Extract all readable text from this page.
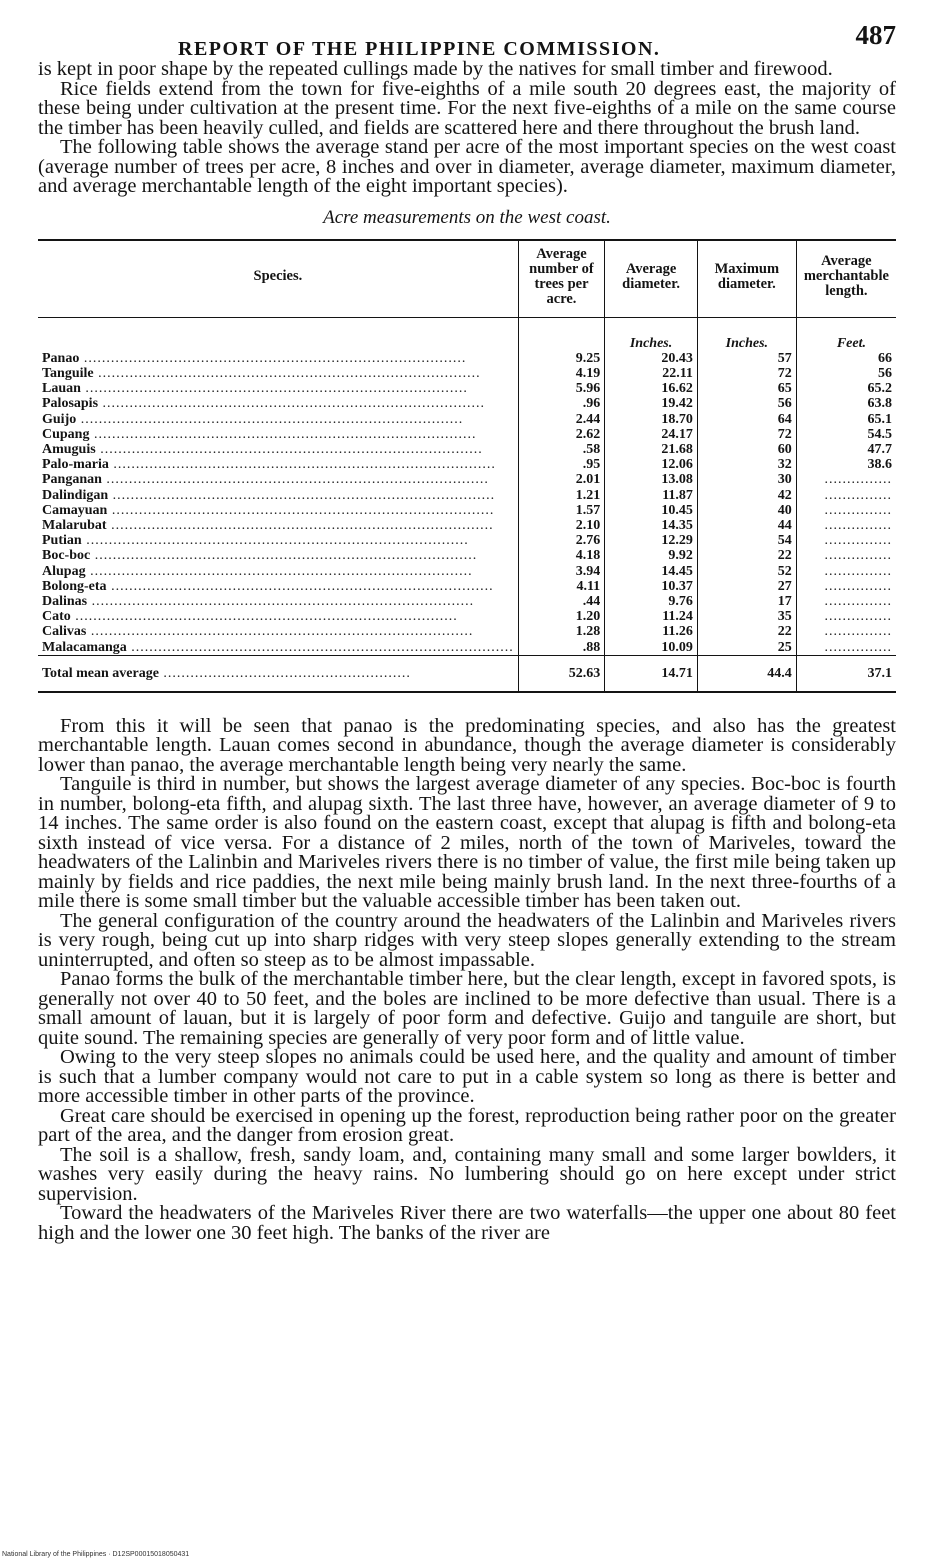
REPORT OF THE PHILIPPINE COMMISSION.	487

is kept in poor shape by the repeated cullings made by the natives for small timber and firewood.

Rice fields extend from the town for five-eighths of a mile south 20 degrees east, the majority of these being under cultivation at the present time. For the next five-eighths of a mile on the same course the timber has been heavily culled, and fields are scattered here and there throughout the brush land.

The following table shows the average stand per acre of the most important species on the west coast (average number of trees per acre, 8 inches and over in diameter, average diameter, maximum diameter, and average merchantable length of the eight important species).

Acre measurements on the west coast.
Species.	Average number of trees per acre.	Average diameter.	Maximum diameter.	Average merchantable length.
		Inches.	Inches.	Feet.
Panao .....	9.25	20.43	57	66
Tanguile .....	4.19	22.11	72	56
Lauan .....	5.96	16.62	65	65.2
Palosapis .....	.96	19.42	56	63.8
Guijo .....	2.44	18.70	64	65.1
Cupang .....	2.62	24.17	72	54.5
Amuguis .....	.58	21.68	60	47.7
Palo-maria .....	.95	12.06	32	38.6
Panganan .....	2.01	13.08	30	.....
Dalindigan .....	1.21	11.87	42	.....
Camayuan .....	1.57	10.45	40	.....
Malarubat .....	2.10	14.35	44	.....
Putian .....	2.76	12.29	54	.....
Boc-boc .....	4.18	9.92	22	.....
Alupag .....	3.94	14.45	52	.....
Bolong-eta .....	4.11	10.37	27	.....
Dalinas .....	.44	9.76	17	.....
Cato .....	1.20	11.24	35	.....
Calivas .....	1.28	11.26	22	.....
Malacamanga .....	.88	10.09	25	.....
Total mean average .....	52.63	14.71	44.4	37.1

From this it will be seen that panao is the predominating species, and also has the greatest merchantable length. Lauan comes second in abundance, though the average diameter is considerably lower than panao, the average merchantable length being very nearly the same.

Tanguile is third in number, but shows the largest average diameter of any species. Boc-boc is fourth in number, bolong-eta fifth, and alupag sixth. The last three have, however, an average diameter of 9 to 14 inches. The same order is also found on the eastern coast, except that alupag is fifth and bolong-eta sixth instead of vice versa. For a distance of 2 miles, north of the town of Mariveles, toward the headwaters of the Lalinbin and Mariveles rivers there is no timber of value, the first mile being taken up mainly by fields and rice paddies, the next mile being mainly brush land. In the next three-fourths of a mile there is some small timber but the valuable accessible timber has been taken out.

The general configuration of the country around the headwaters of the Lalinbin and Mariveles rivers is very rough, being cut up into sharp ridges with very steep slopes generally extending to the stream uninterrupted, and often so steep as to be almost impassable.

Panao forms the bulk of the merchantable timber here, but the clear length, except in favored spots, is generally not over 40 to 50 feet, and the boles are inclined to be more defective than usual. There is a small amount of lauan, but it is largely of poor form and defective. Guijo and tanguile are short, but quite sound. The remaining species are generally of very poor form and of little value.

Owing to the very steep slopes no animals could be used here, and the quality and amount of timber is such that a lumber company would not care to put in a cable system so long as there is better and more accessible timber in other parts of the province.

Great care should be exercised in opening up the forest, reproduction being rather poor on the greater part of the area, and the danger from erosion great.

The soil is a shallow, fresh, sandy loam, and, containing many small and some larger bowlders, it washes very easily during the heavy rains. No lumbering should go on here except under strict supervision.

Toward the headwaters of the Mariveles River there are two waterfalls—the upper one about 80 feet high and the lower one 30 feet high. The banks of the river are

National Library of the Philippines · D12SP00015018050431
